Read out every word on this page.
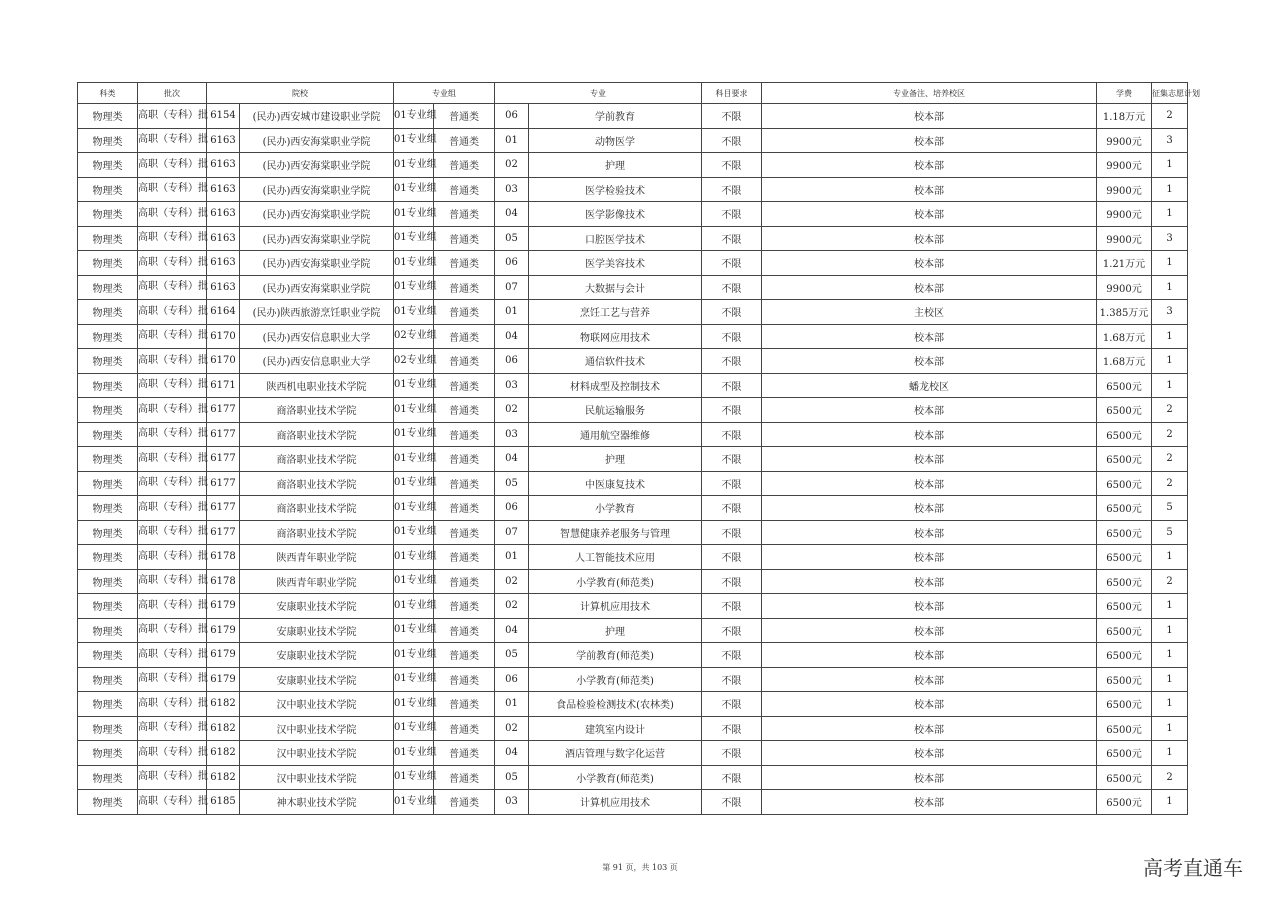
科类	批次	院校		专业组		专业		科目要求	专业备注、培养校区	学费	征集志愿计划
物理类	高职（专科）批	6154	(民办)西安城市建设职业学院	01专业组	普通类	06	学前教育	不限	校本部	1.18万元	2
物理类	高职（专科）批	6163	(民办)西安海棠职业学院	01专业组	普通类	01	动物医学	不限	校本部	9900元	3
物理类	高职（专科）批	6163	(民办)西安海棠职业学院	01专业组	普通类	02	护理	不限	校本部	9900元	1
物理类	高职（专科）批	6163	(民办)西安海棠职业学院	01专业组	普通类	03	医学检验技术	不限	校本部	9900元	1
物理类	高职（专科）批	6163	(民办)西安海棠职业学院	01专业组	普通类	04	医学影像技术	不限	校本部	9900元	1
物理类	高职（专科）批	6163	(民办)西安海棠职业学院	01专业组	普通类	05	口腔医学技术	不限	校本部	9900元	3
物理类	高职（专科）批	6163	(民办)西安海棠职业学院	01专业组	普通类	06	医学美容技术	不限	校本部	1.21万元	1
物理类	高职（专科）批	6163	(民办)西安海棠职业学院	01专业组	普通类	07	大数据与会计	不限	校本部	9900元	1
物理类	高职（专科）批	6164	(民办)陕西旅游烹饪职业学院	01专业组	普通类	01	烹饪工艺与营养	不限	主校区	1.385万元	3
物理类	高职（专科）批	6170	(民办)西安信息职业大学	02专业组	普通类	04	物联网应用技术	不限	校本部	1.68万元	1
物理类	高职（专科）批	6170	(民办)西安信息职业大学	02专业组	普通类	06	通信软件技术	不限	校本部	1.68万元	1
物理类	高职（专科）批	6171	陕西机电职业技术学院	01专业组	普通类	03	材料成型及控制技术	不限	蟠龙校区	6500元	1
物理类	高职（专科）批	6177	商洛职业技术学院	01专业组	普通类	02	民航运输服务	不限	校本部	6500元	2
物理类	高职（专科）批	6177	商洛职业技术学院	01专业组	普通类	03	通用航空器维修	不限	校本部	6500元	2
物理类	高职（专科）批	6177	商洛职业技术学院	01专业组	普通类	04	护理	不限	校本部	6500元	2
物理类	高职（专科）批	6177	商洛职业技术学院	01专业组	普通类	05	中医康复技术	不限	校本部	6500元	2
物理类	高职（专科）批	6177	商洛职业技术学院	01专业组	普通类	06	小学教育	不限	校本部	6500元	5
物理类	高职（专科）批	6177	商洛职业技术学院	01专业组	普通类	07	智慧健康养老服务与管理	不限	校本部	6500元	5
物理类	高职（专科）批	6178	陕西青年职业学院	01专业组	普通类	01	人工智能技术应用	不限	校本部	6500元	1
物理类	高职（专科）批	6178	陕西青年职业学院	01专业组	普通类	02	小学教育(师范类)	不限	校本部	6500元	2
物理类	高职（专科）批	6179	安康职业技术学院	01专业组	普通类	02	计算机应用技术	不限	校本部	6500元	1
物理类	高职（专科）批	6179	安康职业技术学院	01专业组	普通类	04	护理	不限	校本部	6500元	1
物理类	高职（专科）批	6179	安康职业技术学院	01专业组	普通类	05	学前教育(师范类)	不限	校本部	6500元	1
物理类	高职（专科）批	6179	安康职业技术学院	01专业组	普通类	06	小学教育(师范类)	不限	校本部	6500元	1
物理类	高职（专科）批	6182	汉中职业技术学院	01专业组	普通类	01	食品检验检测技术(农林类)	不限	校本部	6500元	1
物理类	高职（专科）批	6182	汉中职业技术学院	01专业组	普通类	02	建筑室内设计	不限	校本部	6500元	1
物理类	高职（专科）批	6182	汉中职业技术学院	01专业组	普通类	04	酒店管理与数字化运营	不限	校本部	6500元	1
物理类	高职（专科）批	6182	汉中职业技术学院	01专业组	普通类	05	小学教育(师范类)	不限	校本部	6500元	2
物理类	高职（专科）批	6185	神木职业技术学院	01专业组	普通类	03	计算机应用技术	不限	校本部	6500元	1
第 91 页，共 103 页	高考直通车
